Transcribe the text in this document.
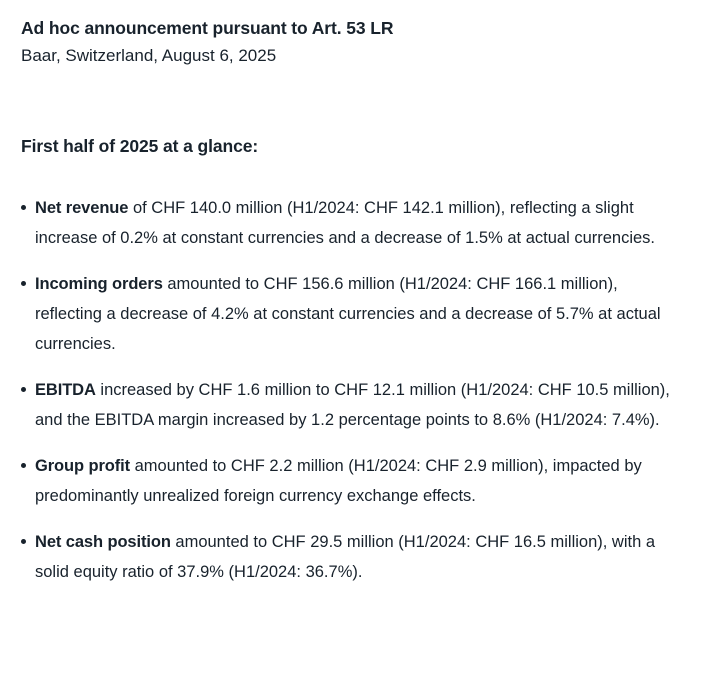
Ad hoc announcement pursuant to Art. 53 LR

Baar, Switzerland, August 6, 2025

First half of 2025 at a glance:
Net revenue of CHF 140.0 million (H1/2024: CHF 142.1 million), reflecting a slight increase of 0.2% at constant currencies and a decrease of 1.5% at actual currencies.
Incoming orders amounted to CHF 156.6 million (H1/2024: CHF 166.1 million), reflecting a decrease of 4.2% at constant currencies and a decrease of 5.7% at actual currencies.
EBITDA increased by CHF 1.6 million to CHF 12.1 million (H1/2024: CHF 10.5 million), and the EBITDA margin increased by 1.2 percentage points to 8.6% (H1/2024: 7.4%).
Group profit amounted to CHF 2.2 million (H1/2024: CHF 2.9 million), impacted by predominantly unrealized foreign currency exchange effects.
Net cash position amounted to CHF 29.5 million (H1/2024: CHF 16.5 million), with a solid equity ratio of 37.9% (H1/2024: 36.7%).
